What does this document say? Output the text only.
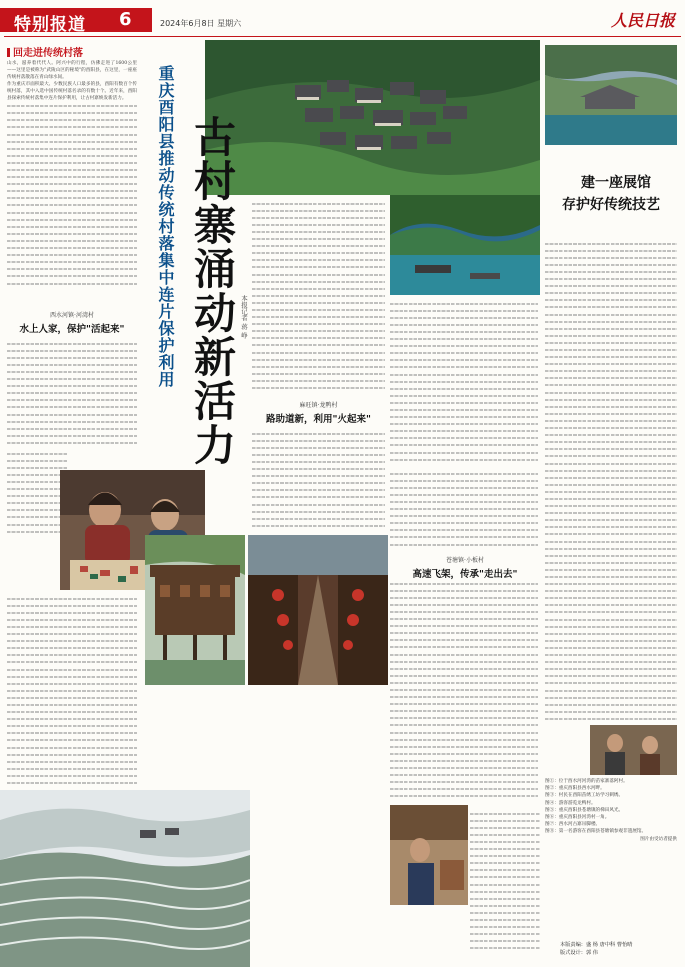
特别报道 6	2024年6月8日 星期六	人民日报
回走进传统村落
山水，滋养着代代人。阿兴中的行程，仿佛走进了1600公里——这里是被称为"武陵山区的秘境"的酉阳县，在这里，一座座传统村落散落在青山绿水间。
作为重庆市面积最大、少数民族人口最多的县，酉阳有数百个传统村落，其中入选中国传统村落名录的有数十个。近年来，酉阳县探索传统村落集中连片保护利用，让古村寨焕发新活力。
西水河镇·河湾村
水上人家，保护"活起来" 古村寨涌动新活力
重庆酉阳县推动传统村落集中连片保护利用	本报记者 蒋 峥
麻旺镇·龙鸭村
路助道新，利用"火起来"
苍塘镇·小板村
高速飞架，传承"走出去"
建一座展馆
存护好传统技艺
图①：位于酉水河河湾的苗家寨落阿村。
图②：重庆酉阳县西水河畔。
图③：村民在酉阳苗绣工坊学习刺绣。
图④：游客游览龙鸭村。
图⑤：重庆酉阳县苍塘镇的梯田风光。
图⑥：重庆酉阳县河湾村一角。
图⑦：西水河古寨吊脚楼。
图⑧：第一名游客在酉阳县苍塘镇参观非遗展馆。
图片由受访者提供
本版责编：盛 杨 唐中科 曹怡晴
版式设计：郭 伟
